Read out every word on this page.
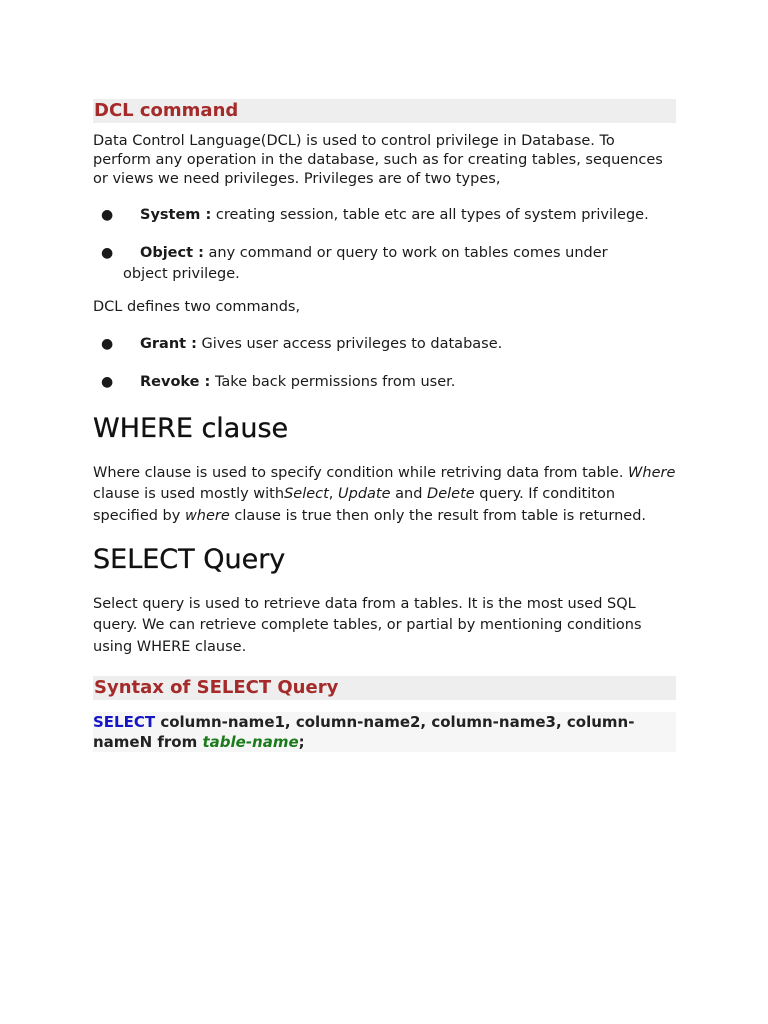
DCL command

Data Control Language(DCL) is used to control privilege in Database. To perform any operation in the database, such as for creating tables, sequences or views we need privileges. Privileges are of two types,

● System : creating session, table etc are all types of system privilege.
●	Object : any command or query to work on tables comes under
object privilege.

DCL defines two commands,

● Grant : Gives user access privileges to database.
● Revoke : Take back permissions from user.
WHERE clause

Where clause is used to specify condition while retriving data from table. Where clause is used mostly withSelect, Update and Delete query. If condititon specified by where clause is true then only the result from table is returned.

SELECT Query

Select query is used to retrieve data from a tables. It is the most used SQL query. We can retrieve complete tables, or partial by mentioning conditions using WHERE clause.

Syntax of SELECT Query
SELECT column-name1, column-name2, column-name3, column-nameN from table-name;
